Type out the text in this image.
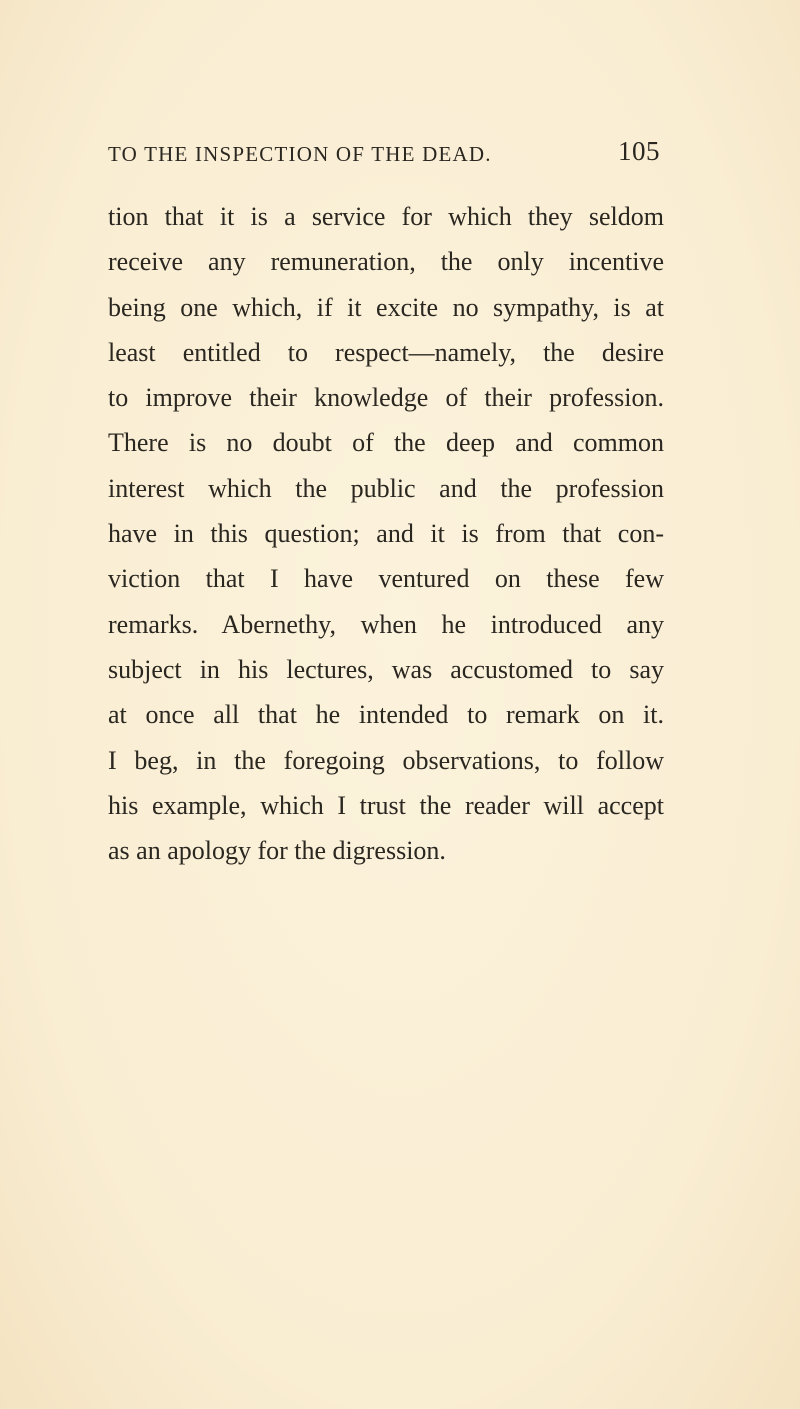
TO THE INSPECTION OF THE DEAD.	105
tion that it is a service for which they seldom
receive any remuneration, the only incentive
being one which, if it excite no sympathy, is at
least entitled to respect—namely, the desire
to improve their knowledge of their profession.
There is no doubt of the deep and common
interest which the public and the profession
have in this question; and it is from that con-
viction that I have ventured on these few
remarks. Abernethy, when he introduced any
subject in his lectures, was accustomed to say
at once all that he intended to remark on it.
I beg, in the foregoing observations, to follow
his example, which I trust the reader will accept
as an apology for the digression.
